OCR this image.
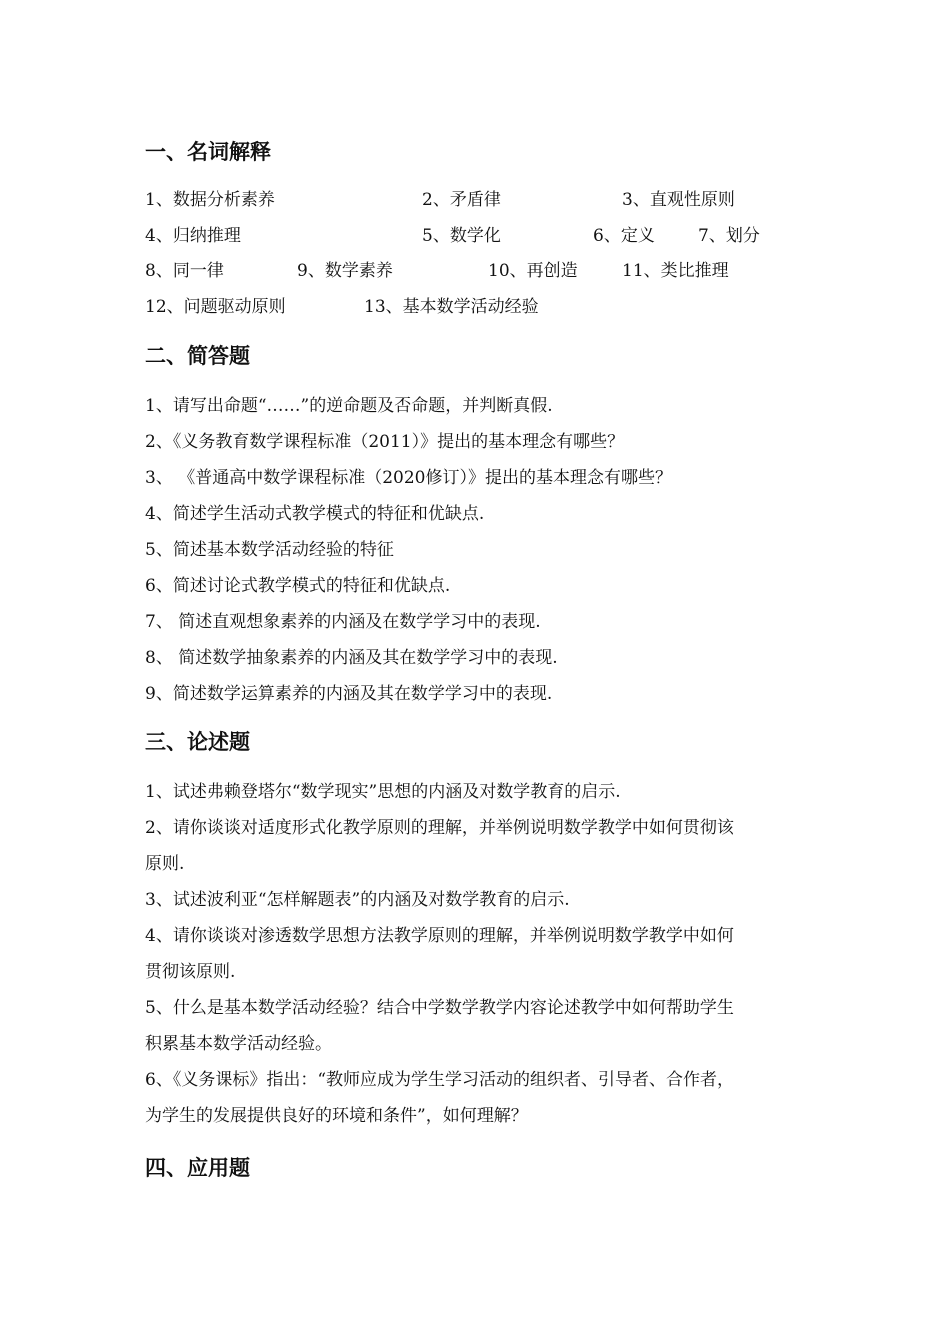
一、名词解释
1、数据分析素养	2、矛盾律	3、直观性原则
4、归纳推理	5、数学化	6、定义	7、划分
8、同一律	9、数学素养	10、再创造	11、类比推理
12、问题驱动原则	13、基本数学活动经验
二、简答题
1、请写出命题“……”的逆命题及否命题，并判断真假.
2、《义务教育数学课程标准（2011）》提出的基本理念有哪些？
3、 《普通高中数学课程标准（2020修订）》提出的基本理念有哪些？
4、简述学生活动式教学模式的特征和优缺点.
5、简述基本数学活动经验的特征
6、简述讨论式教学模式的特征和优缺点.
7、 简述直观想象素养的内涵及在数学学习中的表现.
8、 简述数学抽象素养的内涵及其在数学学习中的表现.
9、简述数学运算素养的内涵及其在数学学习中的表现.
三、论述题
1、试述弗赖登塔尔“数学现实”思想的内涵及对数学教育的启示.
2、请你谈谈对适度形式化教学原则的理解，并举例说明数学教学中如何贯彻该
原则.
3、试述波利亚“怎样解题表”的内涵及对数学教育的启示.
4、请你谈谈对渗透数学思想方法教学原则的理解，并举例说明数学教学中如何
贯彻该原则.
5、什么是基本数学活动经验？结合中学数学教学内容论述教学中如何帮助学生
积累基本数学活动经验。
6、《义务课标》指出：“教师应成为学生学习活动的组织者、引导者、合作者，
为学生的发展提供良好的环境和条件”，如何理解？
四、应用题
